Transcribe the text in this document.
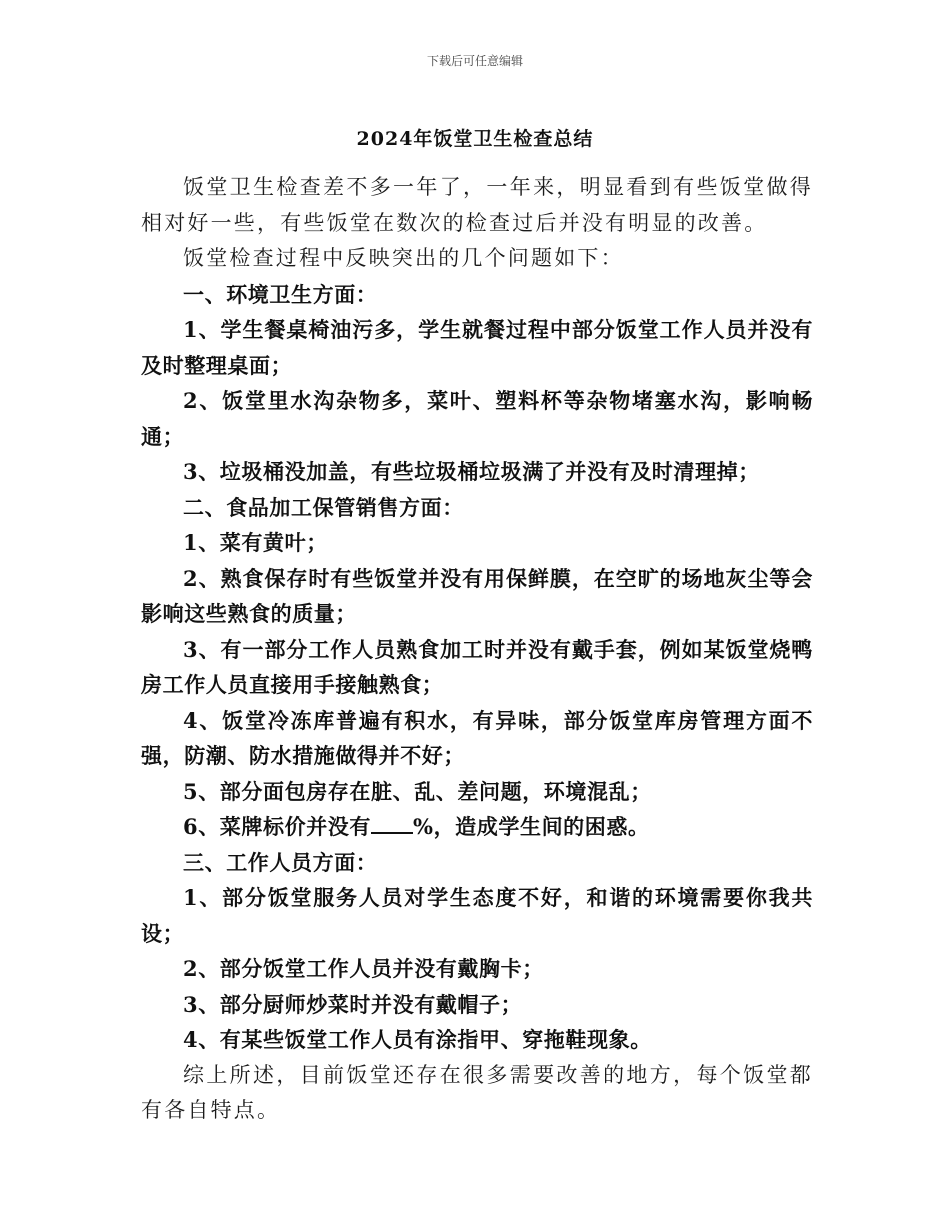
下载后可任意编辑
2024年饭堂卫生检查总结

饭堂卫生检查差不多一年了，一年来，明显看到有些饭堂做得相对好一些，有些饭堂在数次的检查过后并没有明显的改善。

饭堂检查过程中反映突出的几个问题如下：

一、环境卫生方面：

1、学生餐桌椅油污多，学生就餐过程中部分饭堂工作人员并没有及时整理桌面；

2、饭堂里水沟杂物多，菜叶、塑料杯等杂物堵塞水沟，影响畅通；

3、垃圾桶没加盖，有些垃圾桶垃圾满了并没有及时清理掉；

二、食品加工保管销售方面：

1、菜有黄叶；

2、熟食保存时有些饭堂并没有用保鲜膜，在空旷的场地灰尘等会影响这些熟食的质量；

3、有一部分工作人员熟食加工时并没有戴手套，例如某饭堂烧鸭房工作人员直接用手接触熟食；

4、饭堂冷冻库普遍有积水，有异味，部分饭堂库房管理方面不强，防潮、防水措施做得并不好；

5、部分面包房存在脏、乱、差问题，环境混乱；

6、菜牌标价并没有 %，造成学生间的困惑。

三、工作人员方面：

1、部分饭堂服务人员对学生态度不好，和谐的环境需要你我共设；

2、部分饭堂工作人员并没有戴胸卡；

3、部分厨师炒菜时并没有戴帽子；

4、有某些饭堂工作人员有涂指甲、穿拖鞋现象。

综上所述，目前饭堂还存在很多需要改善的地方，每个饭堂都有各自特点。
